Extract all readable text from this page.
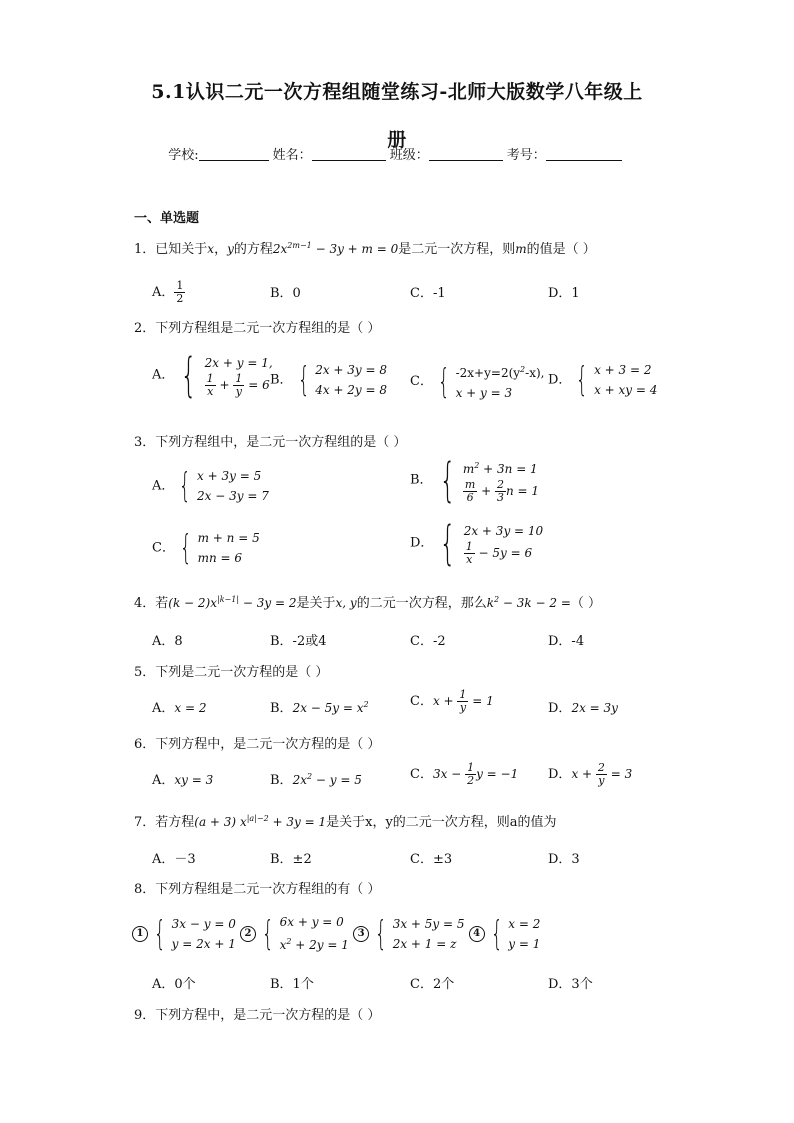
5.1认识二元一次方程组随堂练习-北师大版数学八年级上
册
学校:	姓名：	班级：	考号：
一、单选题
1．已知关于x，y的方程$2x^{2m-1} - 3y + m = 0$是二元一次方程，则m的值是（ ）
A． $\frac{1}{2}$	B．0	C．-1	D．1
2．下列方程组是二元一次方程组的是（ ）
A． { 2x + y = 1,
$\frac{1}{x} + \frac{1}{y} = 6$ B． { 2x + 3y = 8
4x + 2y = 8
C． { $-2x+y=2(y^2-x)$,
x + y = 3
D． { x + 3 = 2
x + xy = 4
3．下列方程组中，是二元一次方程组的是（ ）
A． { x + 3y = 5
2x − 3y = 7
B． { $m^2 + 3n = 1$
$\frac{m}{6} + \frac{2}{3}$ n = 1
C． { m + n = 5
mn = 6
D． { 2x + 3y = 10
$\frac{1}{x} - 5y = 6$
4．若$(k - 2)x^{|k-1|} - 3y = 2$是关于x, y的二元一次方程，那么$k^2 - 3k - 2$ =（ ）
A．8	B．-2或4	C．-2	D．-4
5．下列是二元一次方程的是（ ）
A．x = 2	B．$2x - 5y = x^2$	C．$x + \frac{1}{y} = 1$	D．2x = 3y
6．下列方程中，是二元一次方程的是（ ）
A．xy = 3	B．$2x^2 - y = 5$	C．$3x - \frac{1}{2}$ y = −1 D．$x + \frac{2}{y} = 3$
7．若方程(a + 3) $x^{|a|-2} + 3y = 1$是关于x，y的二元一次方程，则a的值为
A．－3	B．±2	C．±3	D．3
8．下列方程组是二元一次方程组的有（ ）
1 { 3x − y = 0
y = 2x + 1

2 { 6x + y = 0
$x^2 + 2y = 1$

3 { 3x + 5y = 5
2x + 1 = z

4 { x = 2
y = 1
A．0个	B．1个	C．2个	D．3个
9．下列方程中，是二元一次方程的是（ ）
